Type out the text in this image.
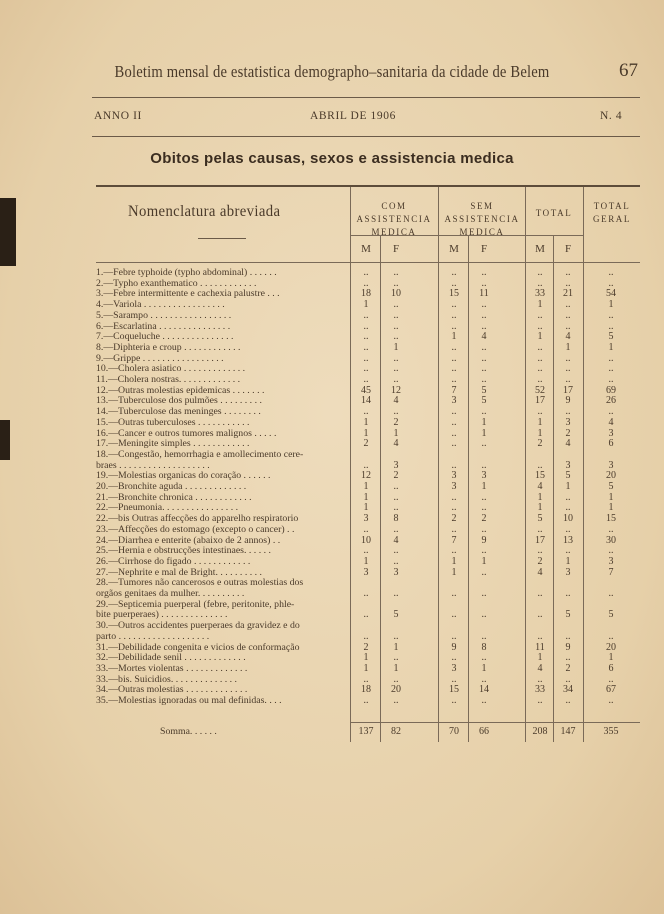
Boletim mensal de estatistica demographo–sanitaria da cidade de Belem	67
ANNO II	ABRIL DE 1906	N. 4
Obitos pelas causas, sexos e assistencia medica
Nomenclatura abreviada	COM ASSISTENCIA MEDICA
SEM ASSISTENCIA MEDICA
TOTAL
TOTAL GERAL
M	F	M	F	M	F
1.—Febre typhoide (typho abdominal) . . . . . .	..	..	..	..	..	..	..
2.—Typho exanthematico . . . . . . . . . . . .	..	..	..	..	..	..	..
3.—Febre intermittente e cachexia palustre . . .	18	10	15	11	33	21	54
4.—Variola . . . . . . . . . . . . . . . . .	1	..	..	..	1	..	1
5.—Sarampo . . . . . . . . . . . . . . . . .	..	..	..	..	..	..	..
6.—Escarlatina . . . . . . . . . . . . . . .	..	..	..	..	..	..	..
7.—Coqueluche . . . . . . . . . . . . . . .	..	..	1	4	1	4	5
8.—Diphteria e croup . . . . . . . . . . . .	..	1	..	..	..	1	1
9.—Grippe . . . . . . . . . . . . . . . . .	..	..	..	..	..	..	..
10.—Cholera asiatico . . . . . . . . . . . . .	..	..	..	..	..	..	..
11.—Cholera nostras. . . . . . . . . . . . .	..	..	..	..	..	..	..
12.—Outras molestias epidemicas . . . . . . .	45	12	7	5	52	17	69
13.—Tuberculose dos pulmões . . . . . . . . .	14	4	3	5	17	9	26
14.—Tuberculose das meninges . . . . . . . .	..	..	..	..	..	..	..
15.—Outras tuberculoses . . . . . . . . . . .	1	2	..	1	1	3	4
16.—Cancer e outros tumores malignos . . . . .	1	1	..	1	1	2	3
17.—Meningite simples . . . . . . . . . . . .	2	4	..	..	2	4	6
18.—Congestão, hemorrhagia e amollecimento cere-
braes . . . . . . . . . . . . . . . . . . .	..	3	..	..	..	3	3
19.—Molestias organicas do coração . . . . . .	12	2	3	3	15	5	20
20.—Bronchite aguda . . . . . . . . . . . . .	1	..	3	1	4	1	5
21.—Bronchite chronica . . . . . . . . . . . .	1	..	..	..	1	..	1
22.—Pneumonia. . . . . . . . . . . . . . . .	1	..	..	..	1	..	1
22.—bis Outras affecções do apparelho respiratorio	3	8	2	2	5	10	15
23.—Affecções do estomago (excepto o cancer) . .	..	..	..	..	..	..	..
24.—Diarrhea e enterite (abaixo de 2 annos) . .	10	4	7	9	17	13	30
25.—Hernia e obstrucções intestinaes. . . . . .	..	..	..	..	..	..	..
26.—Cirrhose do figado . . . . . . . . . . . .	1	..	1	1	2	1	3
27.—Nephrite e mal de Bright. . . . . . . . . .	3	3	1	..	4	3	7
28.—Tumores não cancerosos e outras molestias dos
orgãos genitaes da mulher. . . . . . . . . .	..	..	..	..	..	..	..
29.—Septicemia puerperal (febre, peritonite, phle-
bite puerperaes) . . . . . . . . . . . . . .	..	5	..	..	..	5	5
30.—Outros accidentes puerperaes da gravidez e do
parto . . . . . . . . . . . . . . . . . . .	..	..	..	..	..	..	..
31.—Debilidade congenita e vicios de conformação	2	1	9	8	11	9	20
32.—Debilidade senil . . . . . . . . . . . . .	1	..	..	..	1	..	1
33.—Mortes violentas . . . . . . . . . . . . .	1	1	3	1	4	2	6
33.—bis. Suicidios. . . . . . . . . . . . . .	..	..	..	..	..	..	..
34.—Outras molestias . . . . . . . . . . . . .	18	20	15	14	33	34	67
35.—Molestias ignoradas ou mal definidas. . . .	..	..	..	..	..	..	..
Somma. . . . . .	137	82	70	66	208	147	355
